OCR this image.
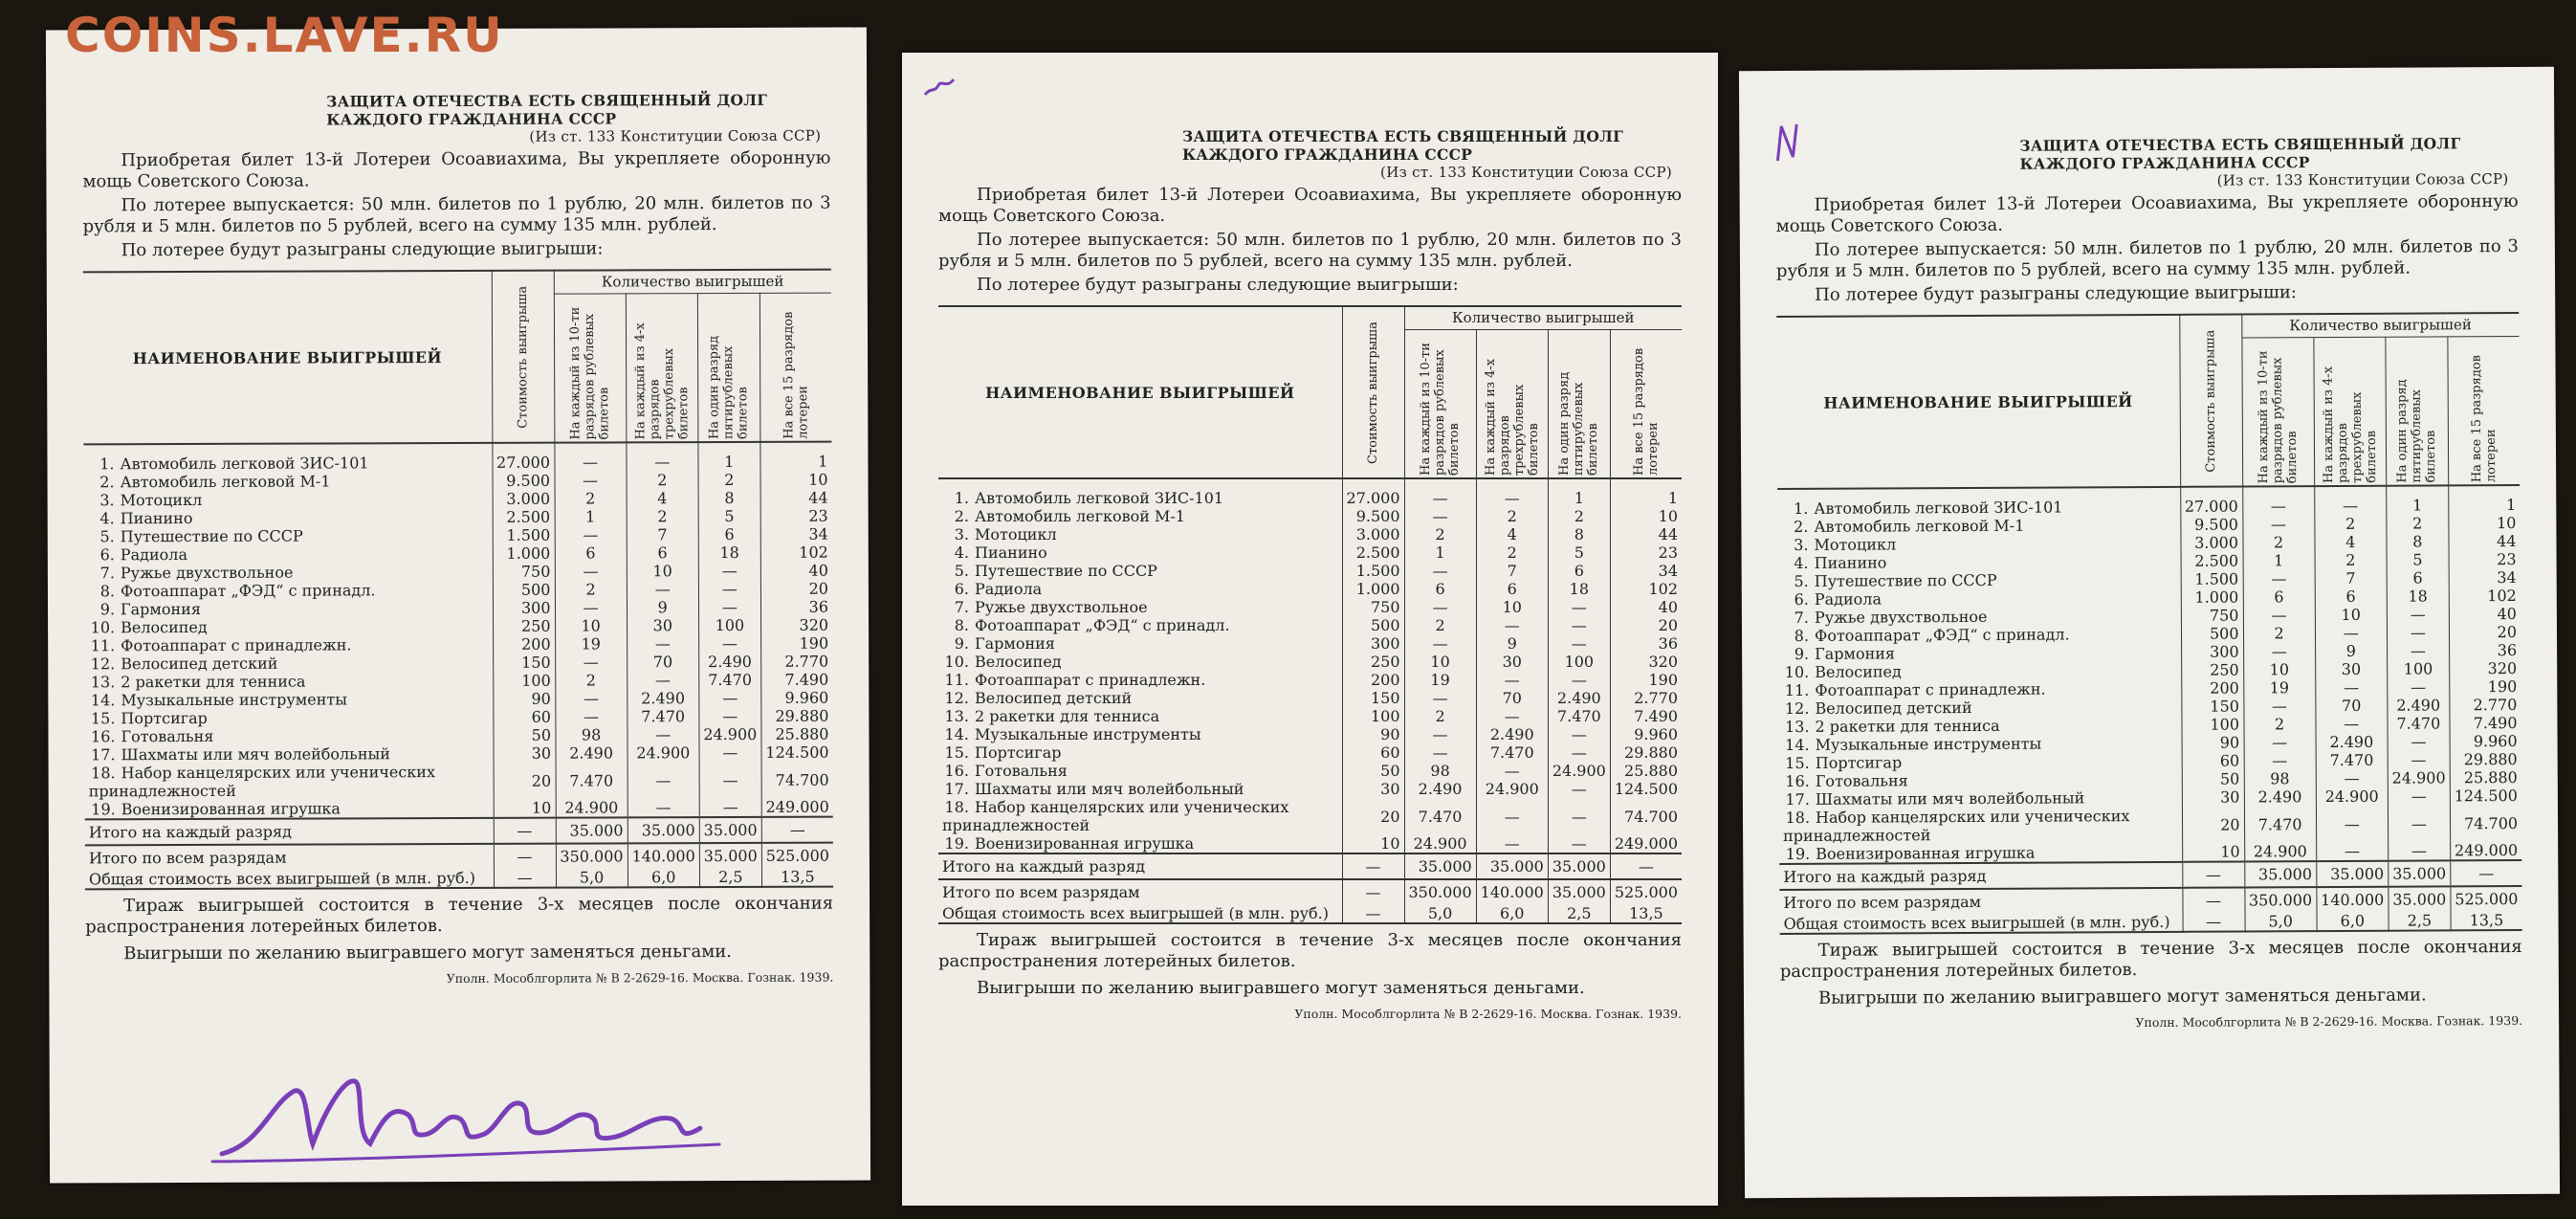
COINS.LAVE.RU
ЗАЩИТА ОТЕЧЕСТВА ЕСТЬ СВЯЩЕННЫЙ ДОЛГ
КАЖДОГО ГРАЖДАНИНА СССР
(Из ст. 133 Конституции Союза ССР)

Приобретая билет 13-й Лотереи Осоавиахима, Вы укрепляете оборонную мощь Советского Союза.

По лотерее выпускается: 50 млн. билетов по 1 рублю, 20 млн. билетов по 3 рубля и 5 млн. билетов по 5 рублей, всего на сумму 135 млн. рублей.

По лотерее будут разыграны следующие выигрыши:

НАИМЕНОВАНИЕ ВЫИГРЫШЕЙ	Стоимость выигрыша	Количество выигрышей			

		На каждый из 10-ти разрядов рублевых билетов	На каждый из 4-х разрядов трехрублевых билетов	На один разряд пятирублевых билетов	На все 15 разрядов лотереи

1. Автомобиль легковой ЗИС-101	27.000	—	—	1	1
2. Автомобиль легковой М-1	9.500	—	2	2	10
3. Мотоцикл	3.000	2	4	8	44
4. Пианино	2.500	1	2	5	23
5. Путешествие по СССР	1.500	—	7	6	34
6. Радиола	1.000	6	6	18	102
7. Ружье двухствольное	750	—	10	—	40
8. Фотоаппарат „ФЭД“ с принадл.	500	2	—	—	20
9. Гармония	300	—	9	—	36
10. Велосипед	250	10	30	100	320
11. Фотоаппарат с принадлежн.	200	19	—	—	190
12. Велосипед детский	150	—	70	2.490	2.770
13. 2 ракетки для тенниса	100	2	—	7.470	7.490
14. Музыкальные инструменты	90	—	2.490	—	9.960
15. Портсигар	60	—	7.470	—	29.880
16. Готовальня	50	98	—	24.900	25.880
17. Шахматы или мяч волейбольный	30	2.490	24.900	—	124.500
18. Набор канцелярских или ученических принадлежностей	20	7.470	—	—	74.700
19. Военизированная игрушка	10	24.900	—	—	249.000
Итого на каждый разряд	—	35.000	35.000	35.000	—
Итого по всем разрядам	—	350.000	140.000	35.000	525.000
Общая стоимость всех выигрышей (в млн. руб.)	—	5,0	6,0	2,5	13,5

Тираж выигрышей состоится в течение 3-х месяцев после окончания распространения лотерейных билетов.

Выигрыши по желанию выигравшего могут заменяться деньгами.

Уполн. Мособлгорлита № В 2-2629-16. Москва. Гознак. 1939.
ЗАЩИТА ОТЕЧЕСТВА ЕСТЬ СВЯЩЕННЫЙ ДОЛГ
КАЖДОГО ГРАЖДАНИНА СССР
(Из ст. 133 Конституции Союза ССР)

Приобретая билет 13-й Лотереи Осоавиахима, Вы укрепляете оборонную мощь Советского Союза.

По лотерее выпускается: 50 млн. билетов по 1 рублю, 20 млн. билетов по 3 рубля и 5 млн. билетов по 5 рублей, всего на сумму 135 млн. рублей.

По лотерее будут разыграны следующие выигрыши:

НАИМЕНОВАНИЕ ВЫИГРЫШЕЙ	Стоимость выигрыша	Количество выигрышей			

		На каждый из 10-ти разрядов рублевых билетов	На каждый из 4-х разрядов трехрублевых билетов	На один разряд пятирублевых билетов	На все 15 разрядов лотереи

1. Автомобиль легковой ЗИС-101	27.000	—	—	1	1
2. Автомобиль легковой М-1	9.500	—	2	2	10
3. Мотоцикл	3.000	2	4	8	44
4. Пианино	2.500	1	2	5	23
5. Путешествие по СССР	1.500	—	7	6	34
6. Радиола	1.000	6	6	18	102
7. Ружье двухствольное	750	—	10	—	40
8. Фотоаппарат „ФЭД“ с принадл.	500	2	—	—	20
9. Гармония	300	—	9	—	36
10. Велосипед	250	10	30	100	320
11. Фотоаппарат с принадлежн.	200	19	—	—	190
12. Велосипед детский	150	—	70	2.490	2.770
13. 2 ракетки для тенниса	100	2	—	7.470	7.490
14. Музыкальные инструменты	90	—	2.490	—	9.960
15. Портсигар	60	—	7.470	—	29.880
16. Готовальня	50	98	—	24.900	25.880
17. Шахматы или мяч волейбольный	30	2.490	24.900	—	124.500
18. Набор канцелярских или ученических принадлежностей	20	7.470	—	—	74.700
19. Военизированная игрушка	10	24.900	—	—	249.000
Итого на каждый разряд	—	35.000	35.000	35.000	—
Итого по всем разрядам	—	350.000	140.000	35.000	525.000
Общая стоимость всех выигрышей (в млн. руб.)	—	5,0	6,0	2,5	13,5

Тираж выигрышей состоится в течение 3-х месяцев после окончания распространения лотерейных билетов.

Выигрыши по желанию выигравшего могут заменяться деньгами.

Уполн. Мособлгорлита № В 2-2629-16. Москва. Гознак. 1939.
ЗАЩИТА ОТЕЧЕСТВА ЕСТЬ СВЯЩЕННЫЙ ДОЛГ
КАЖДОГО ГРАЖДАНИНА СССР
(Из ст. 133 Конституции Союза ССР)

Приобретая билет 13-й Лотереи Осоавиахима, Вы укрепляете оборонную мощь Советского Союза.

По лотерее выпускается: 50 млн. билетов по 1 рублю, 20 млн. билетов по 3 рубля и 5 млн. билетов по 5 рублей, всего на сумму 135 млн. рублей.

По лотерее будут разыграны следующие выигрыши:

НАИМЕНОВАНИЕ ВЫИГРЫШЕЙ	Стоимость выигрыша	Количество выигрышей			

		На каждый из 10-ти разрядов рублевых билетов	На каждый из 4-х разрядов трехрублевых билетов	На один разряд пятирублевых билетов	На все 15 разрядов лотереи

1. Автомобиль легковой ЗИС-101	27.000	—	—	1	1
2. Автомобиль легковой М-1	9.500	—	2	2	10
3. Мотоцикл	3.000	2	4	8	44
4. Пианино	2.500	1	2	5	23
5. Путешествие по СССР	1.500	—	7	6	34
6. Радиола	1.000	6	6	18	102
7. Ружье двухствольное	750	—	10	—	40
8. Фотоаппарат „ФЭД“ с принадл.	500	2	—	—	20
9. Гармония	300	—	9	—	36
10. Велосипед	250	10	30	100	320
11. Фотоаппарат с принадлежн.	200	19	—	—	190
12. Велосипед детский	150	—	70	2.490	2.770
13. 2 ракетки для тенниса	100	2	—	7.470	7.490
14. Музыкальные инструменты	90	—	2.490	—	9.960
15. Портсигар	60	—	7.470	—	29.880
16. Готовальня	50	98	—	24.900	25.880
17. Шахматы или мяч волейбольный	30	2.490	24.900	—	124.500
18. Набор канцелярских или ученических принадлежностей	20	7.470	—	—	74.700
19. Военизированная игрушка	10	24.900	—	—	249.000
Итого на каждый разряд	—	35.000	35.000	35.000	—
Итого по всем разрядам	—	350.000	140.000	35.000	525.000
Общая стоимость всех выигрышей (в млн. руб.)	—	5,0	6,0	2,5	13,5

Тираж выигрышей состоится в течение 3-х месяцев после окончания распространения лотерейных билетов.

Выигрыши по желанию выигравшего могут заменяться деньгами.

Уполн. Мособлгорлита № В 2-2629-16. Москва. Гознак. 1939.
